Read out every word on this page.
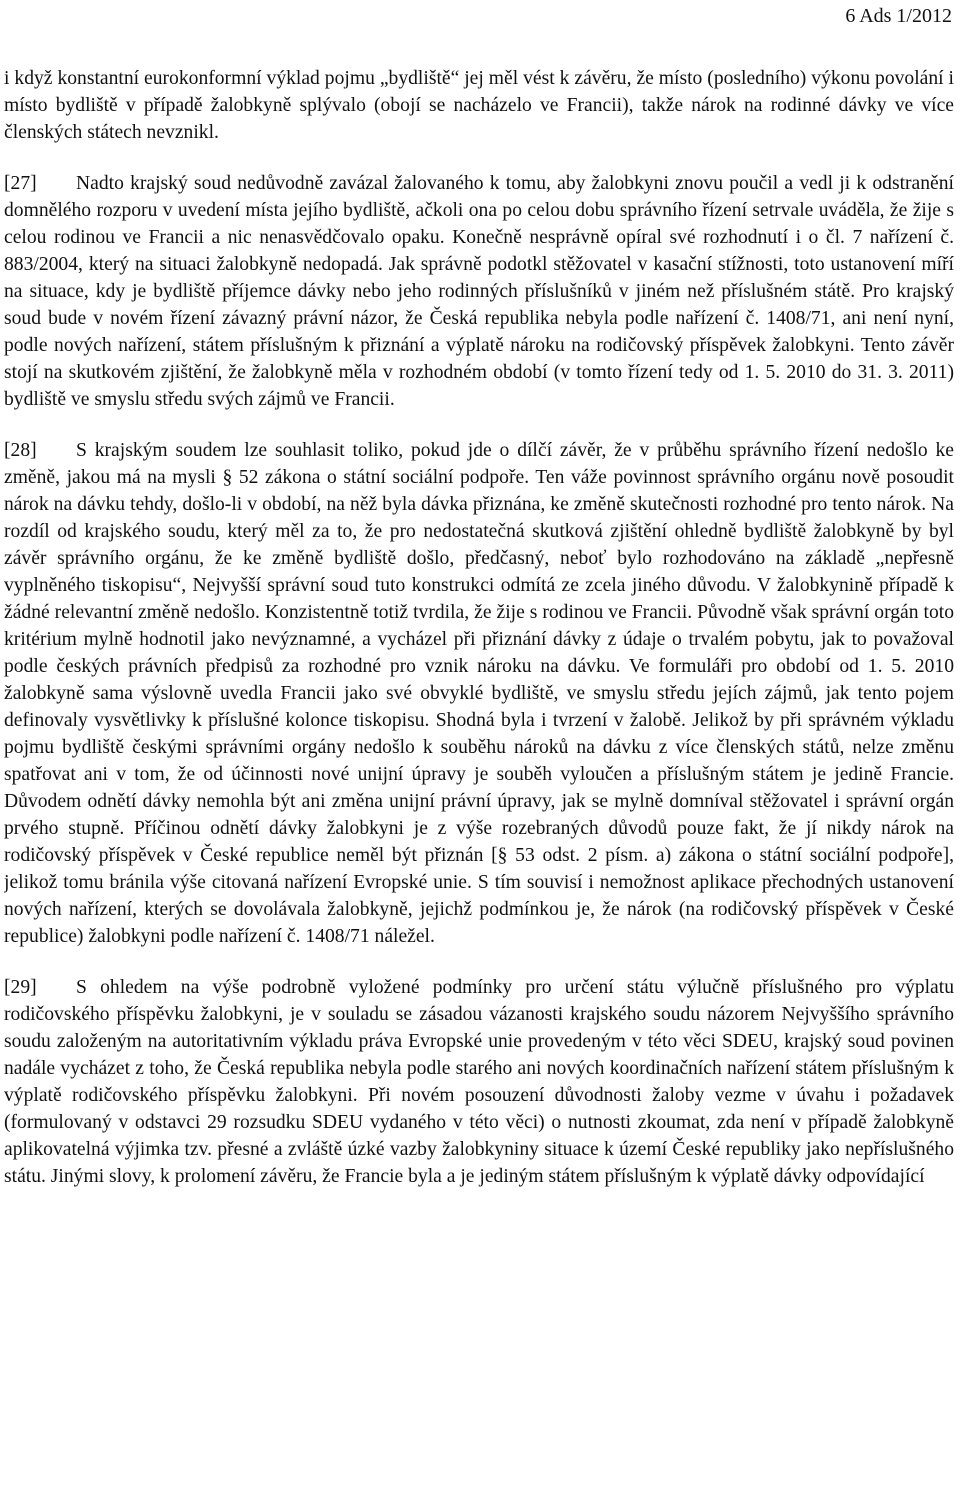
6 Ads 1/2012

i když konstantní eurokonformní výklad pojmu „bydliště“ jej měl vést k závěru, že místo (posledního) výkonu povolání i místo bydliště v případě žalobkyně splývalo (obojí se nacházelo ve Francii), takže nárok na rodinné dávky ve více členských státech nevznikl.

[27] Nadto krajský soud nedůvodně zavázal žalovaného k tomu, aby žalobkyni znovu poučil a vedl ji k odstranění domnělého rozporu v uvedení místa jejího bydliště, ačkoli ona po celou dobu správního řízení setrvale uváděla, že žije s celou rodinou ve Francii a nic nenasvědčovalo opaku. Konečně nesprávně opíral své rozhodnutí i o čl. 7 nařízení č. 883/2004, který na situaci žalobkyně nedopadá. Jak správně podotkl stěžovatel v kasační stížnosti, toto ustanovení míří na situace, kdy je bydliště příjemce dávky nebo jeho rodinných příslušníků v jiném než příslušném státě. Pro krajský soud bude v novém řízení závazný právní názor, že Česká republika nebyla podle nařízení č. 1408/71, ani není nyní, podle nových nařízení, státem příslušným k přiznání a výplatě nároku na rodičovský příspěvek žalobkyni. Tento závěr stojí na skutkovém zjištění, že žalobkyně měla v rozhodném období (v tomto řízení tedy od 1. 5. 2010 do 31. 3. 2011) bydliště ve smyslu středu svých zájmů ve Francii.

[28] S krajským soudem lze souhlasit toliko, pokud jde o dílčí závěr, že v průběhu správního řízení nedošlo ke změně, jakou má na mysli § 52 zákona o státní sociální podpoře. Ten váže povinnost správního orgánu nově posoudit nárok na dávku tehdy, došlo-li v období, na něž byla dávka přiznána, ke změně skutečnosti rozhodné pro tento nárok. Na rozdíl od krajského soudu, který měl za to, že pro nedostatečná skutková zjištění ohledně bydliště žalobkyně by byl závěr správního orgánu, že ke změně bydliště došlo, předčasný, neboť bylo rozhodováno na základě „nepřesně vyplněného tiskopisu“, Nejvyšší správní soud tuto konstrukci odmítá ze zcela jiného důvodu. V žalobkynině případě k žádné relevantní změně nedošlo. Konzistentně totiž tvrdila, že žije s rodinou ve Francii. Původně však správní orgán toto kritérium mylně hodnotil jako nevýznamné, a vycházel při přiznání dávky z údaje o trvalém pobytu, jak to považoval podle českých právních předpisů za rozhodné pro vznik nároku na dávku. Ve formuláři pro období od 1. 5. 2010 žalobkyně sama výslovně uvedla Francii jako své obvyklé bydliště, ve smyslu středu jejích zájmů, jak tento pojem definovaly vysvětlivky k příslušné kolonce tiskopisu. Shodná byla i tvrzení v žalobě. Jelikož by při správném výkladu pojmu bydliště českými správními orgány nedošlo k souběhu nároků na dávku z více členských států, nelze změnu spatřovat ani v tom, že od účinnosti nové unijní úpravy je souběh vyloučen a příslušným státem je jedině Francie. Důvodem odnětí dávky nemohla být ani změna unijní právní úpravy, jak se mylně domníval stěžovatel i správní orgán prvého stupně. Příčinou odnětí dávky žalobkyni je z výše rozebraných důvodů pouze fakt, že jí nikdy nárok na rodičovský příspěvek v České republice neměl být přiznán [§ 53 odst. 2 písm. a) zákona o státní sociální podpoře], jelikož tomu bránila výše citovaná nařízení Evropské unie. S tím souvisí i nemožnost aplikace přechodných ustanovení nových nařízení, kterých se dovolávala žalobkyně, jejichž podmínkou je, že nárok (na rodičovský příspěvek v České republice) žalobkyni podle nařízení č. 1408/71 náležel.

[29] S ohledem na výše podrobně vyložené podmínky pro určení státu výlučně příslušného pro výplatu rodičovského příspěvku žalobkyni, je v souladu se zásadou vázanosti krajského soudu názorem Nejvyššího správního soudu založeným na autoritativním výkladu práva Evropské unie provedeným v této věci SDEU, krajský soud povinen nadále vycházet z toho, že Česká republika nebyla podle starého ani nových koordinačních nařízení státem příslušným k výplatě rodičovského příspěvku žalobkyni. Při novém posouzení důvodnosti žaloby vezme v úvahu i požadavek (formulovaný v odstavci 29 rozsudku SDEU vydaného v této věci) o nutnosti zkoumat, zda není v případě žalobkyně aplikovatelná výjimka tzv. přesné a zvláště úzké vazby žalobkyniny situace k území České republiky jako nepříslušného státu. Jinými slovy, k prolomení závěru, že Francie byla a je jediným státem příslušným k výplatě dávky odpovídající
